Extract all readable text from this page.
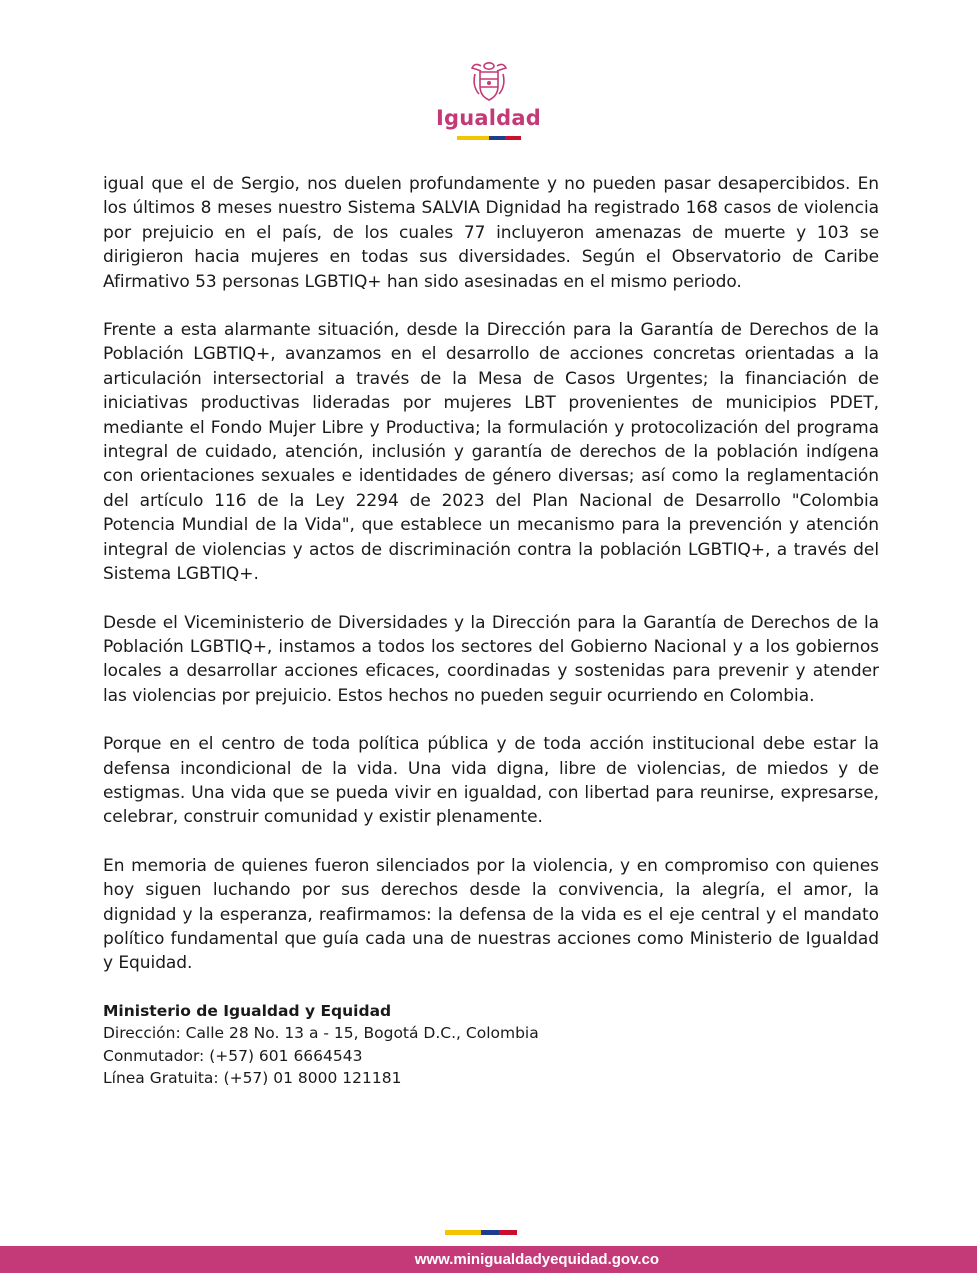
Igualdad

igual que el de Sergio, nos duelen profundamente y no pueden pasar desapercibidos. En los últimos 8 meses nuestro Sistema SALVIA Dignidad ha registrado 168 casos de violencia por prejuicio en el país, de los cuales 77 incluyeron amenazas de muerte y 103 se dirigieron hacia mujeres en todas sus diversidades. Según el Observatorio de Caribe Afirmativo 53 personas LGBTIQ+ han sido asesinadas en el mismo periodo.

Frente a esta alarmante situación, desde la Dirección para la Garantía de Derechos de la Población LGBTIQ+, avanzamos en el desarrollo de acciones concretas orientadas a la articulación intersectorial a través de la Mesa de Casos Urgentes; la financiación de iniciativas productivas lideradas por mujeres LBT provenientes de municipios PDET, mediante el Fondo Mujer Libre y Productiva; la formulación y protocolización del programa integral de cuidado, atención, inclusión y garantía de derechos de la población indígena con orientaciones sexuales e identidades de género diversas; así como la reglamentación del artículo 116 de la Ley 2294 de 2023 del Plan Nacional de Desarrollo "Colombia Potencia Mundial de la Vida", que establece un mecanismo para la prevención y atención integral de violencias y actos de discriminación contra la población LGBTIQ+, a través del Sistema LGBTIQ+.

Desde el Viceministerio de Diversidades y la Dirección para la Garantía de Derechos de la Población LGBTIQ+, instamos a todos los sectores del Gobierno Nacional y a los gobiernos locales a desarrollar acciones eficaces, coordinadas y sostenidas para prevenir y atender las violencias por prejuicio. Estos hechos no pueden seguir ocurriendo en Colombia.

Porque en el centro de toda política pública y de toda acción institucional debe estar la defensa incondicional de la vida. Una vida digna, libre de violencias, de miedos y de estigmas. Una vida que se pueda vivir en igualdad, con libertad para reunirse, expresarse, celebrar, construir comunidad y existir plenamente.

En memoria de quienes fueron silenciados por la violencia, y en compromiso con quienes hoy siguen luchando por sus derechos desde la convivencia, la alegría, el amor, la dignidad y la esperanza, reafirmamos: la defensa de la vida es el eje central y el mandato político fundamental que guía cada una de nuestras acciones como Ministerio de Igualdad y Equidad.

Ministerio de Igualdad y Equidad
Dirección: Calle 28 No. 13 a - 15, Bogotá D.C., Colombia
Conmutador: (+57) 601 6664543
Línea Gratuita: (+57) 01 8000 121181
www.minigualdadyequidad.gov.co
